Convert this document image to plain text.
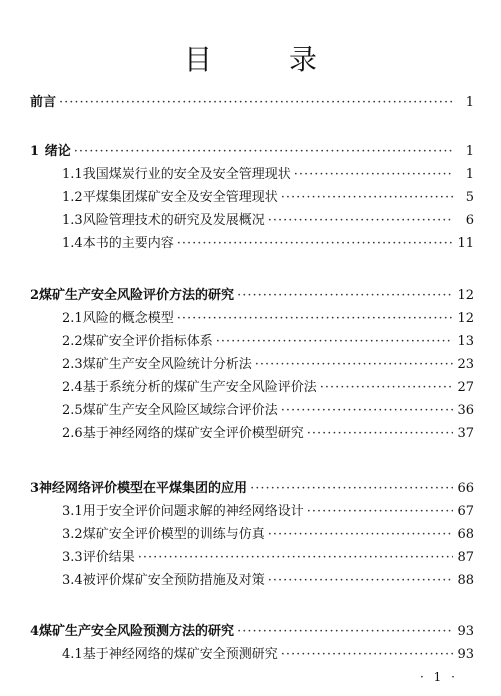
目 录
前言 ·····	1
1 绪论 ·····	1
1.1 我国煤炭行业的安全及安全管理现状 ·····	1
1.2 平煤集团煤矿安全及安全管理现状 ·····	5
1.3 风险管理技术的研究及发展概况 ·····	6
1.4 本书的主要内容 ·····	11
2 煤矿生产安全风险评价方法的研究 ·····	12
2.1 风险的概念模型 ·····	12
2.2 煤矿安全评价指标体系 ·····	13
2.3 煤矿生产安全风险统计分析法 ·····	23
2.4 基于系统分析的煤矿生产安全风险评价法 ·····	27
2.5 煤矿生产安全风险区域综合评价法 ·····	36
2.6 基于神经网络的煤矿安全评价模型研究 ·····	37
3 神经网络评价模型在平煤集团的应用 ·····	66
3.1 用于安全评价问题求解的神经网络设计 ·····	67
3.2 煤矿安全评价模型的训练与仿真 ·····	68
3.3 评价结果 ·····	87
3.4 被评价煤矿安全预防措施及对策 ·····	88
4 煤矿生产安全风险预测方法的研究 ·····	93
4.1 基于神经网络的煤矿安全预测研究 ·····	93
· 1 ·
